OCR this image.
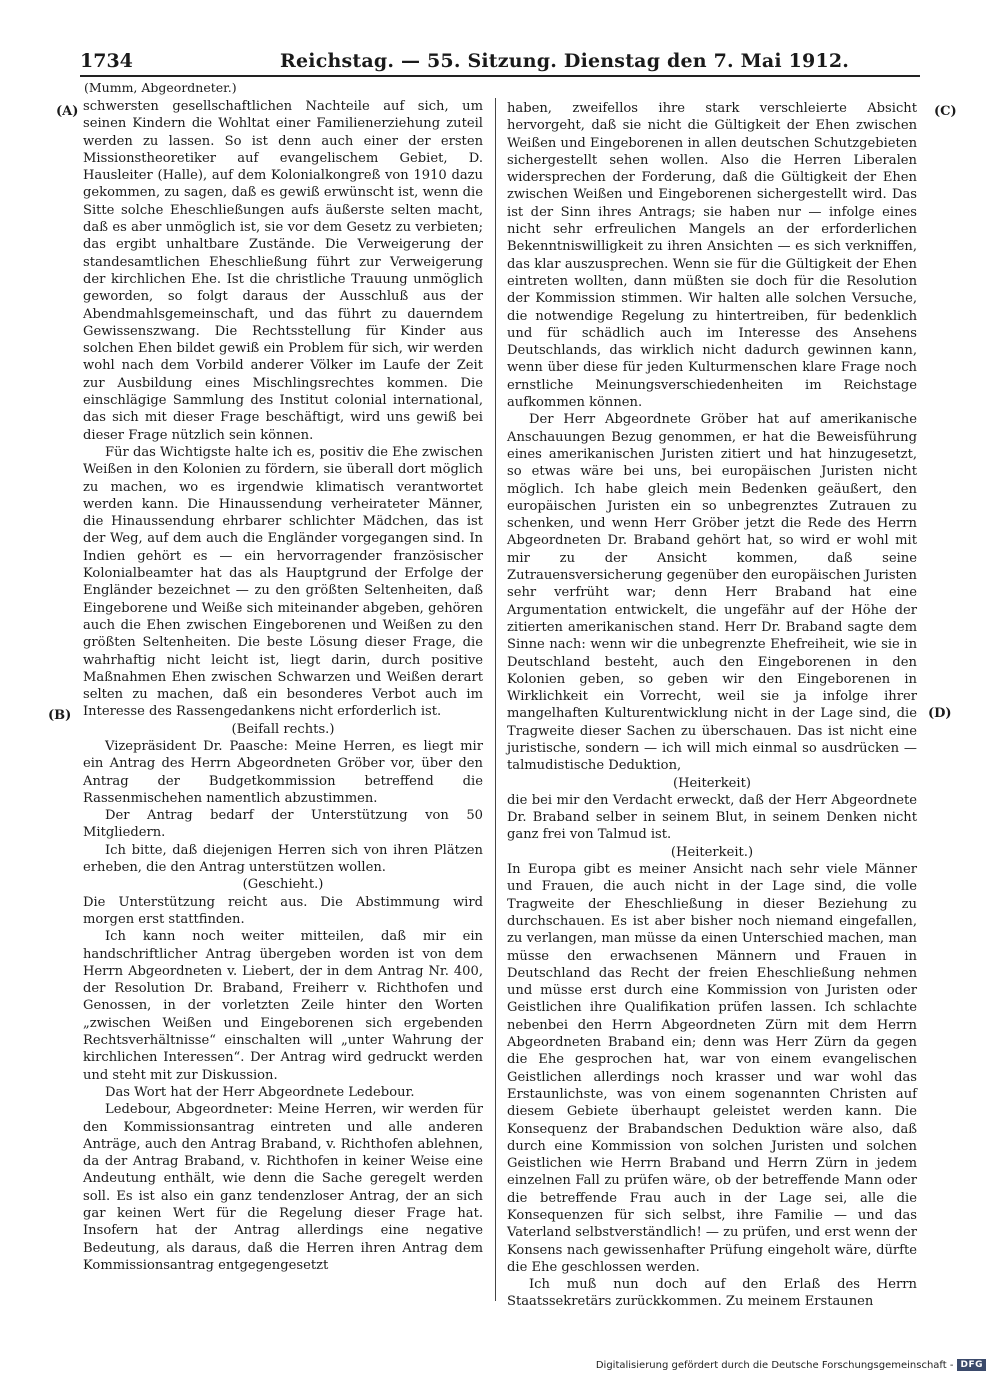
1734	Reichstag. — 55. Sitzung. Dienstag den 7. Mai 1912.
(Mumm, Abgeordneter.)
(A)
(B)
(C)
(D)

schwersten gesellschaftlichen Nachteile auf sich, um seinen Kindern die Wohltat einer Familienerziehung zuteil werden zu lassen. So ist denn auch einer der ersten Missionstheoretiker auf evangelischem Gebiet, D. Hausleiter (Halle), auf dem Kolonialkongreß von 1910 dazu gekommen, zu sagen, daß es gewiß erwünscht ist, wenn die Sitte solche Eheschließungen aufs äußerste selten macht, daß es aber unmöglich ist, sie vor dem Gesetz zu verbieten; das ergibt unhaltbare Zustände. Die Verweigerung der standesamtlichen Eheschließung führt zur Verweigerung der kirchlichen Ehe. Ist die christliche Trauung unmöglich geworden, so folgt daraus der Ausschluß aus der Abendmahlsgemeinschaft, und das führt zu dauerndem Gewissenszwang. Die Rechtsstellung für Kinder aus solchen Ehen bildet gewiß ein Problem für sich, wir werden wohl nach dem Vorbild anderer Völker im Laufe der Zeit zur Ausbildung eines Mischlingsrechtes kommen. Die einschlägige Sammlung des Institut colonial international, das sich mit dieser Frage beschäftigt, wird uns gewiß bei dieser Frage nützlich sein können.

Für das Wichtigste halte ich es, positiv die Ehe zwischen Weißen in den Kolonien zu fördern, sie überall dort möglich zu machen, wo es irgendwie klimatisch verantwortet werden kann. Die Hinaussendung verheirateter Männer, die Hinaussendung ehrbarer schlichter Mädchen, das ist der Weg, auf dem auch die Engländer vorgegangen sind. In Indien gehört es — ein hervorragender französischer Kolonialbeamter hat das als Hauptgrund der Erfolge der Engländer bezeichnet — zu den größten Seltenheiten, daß Eingeborene und Weiße sich miteinander abgeben, gehören auch die Ehen zwischen Eingeborenen und Weißen zu den größten Seltenheiten. Die beste Lösung dieser Frage, die wahrhaftig nicht leicht ist, liegt darin, durch positive Maßnahmen Ehen zwischen Schwarzen und Weißen derart selten zu machen, daß ein besonderes Verbot auch im Interesse des Rassengedankens nicht erforderlich ist.

(Beifall rechts.)

Vizepräsident Dr. Paasche: Meine Herren, es liegt mir ein Antrag des Herrn Abgeordneten Gröber vor, über den Antrag der Budgetkommission betreffend die Rassenmischehen namentlich abzustimmen.

Der Antrag bedarf der Unterstützung von 50 Mitgliedern.

Ich bitte, daß diejenigen Herren sich von ihren Plätzen erheben, die den Antrag unterstützen wollen.

(Geschieht.)

Die Unterstützung reicht aus. Die Abstimmung wird morgen erst stattfinden.

Ich kann noch weiter mitteilen, daß mir ein handschriftlicher Antrag übergeben worden ist von dem Herrn Abgeordneten v. Liebert, der in dem Antrag Nr. 400, der Resolution Dr. Braband, Freiherr v. Richthofen und Genossen, in der vorletzten Zeile hinter den Worten „zwischen Weißen und Eingeborenen sich ergebenden Rechtsverhältnisse“ einschalten will „unter Wahrung der kirchlichen Interessen“. Der Antrag wird gedruckt werden und steht mit zur Diskussion.

Das Wort hat der Herr Abgeordnete Ledebour.

Ledebour, Abgeordneter: Meine Herren, wir werden für den Kommissionsantrag eintreten und alle anderen Anträge, auch den Antrag Braband, v. Richthofen ablehnen, da der Antrag Braband, v. Richthofen in keiner Weise eine Andeutung enthält, wie denn die Sache geregelt werden soll. Es ist also ein ganz tendenzloser Antrag, der an sich gar keinen Wert für die Regelung dieser Frage hat. Insofern hat der Antrag allerdings eine negative Bedeutung, als daraus, daß die Herren ihren Antrag dem Kommissionsantrag entgegengesetzt

haben, zweifellos ihre stark verschleierte Absicht hervorgeht, daß sie nicht die Gültigkeit der Ehen zwischen Weißen und Eingeborenen in allen deutschen Schutzgebieten sichergestellt sehen wollen. Also die Herren Liberalen widersprechen der Forderung, daß die Gültigkeit der Ehen zwischen Weißen und Eingeborenen sichergestellt wird. Das ist der Sinn ihres Antrags; sie haben nur — infolge eines nicht sehr erfreulichen Mangels an der erforderlichen Bekenntniswilligkeit zu ihren Ansichten — es sich verkniffen, das klar auszusprechen. Wenn sie für die Gültigkeit der Ehen eintreten wollten, dann müßten sie doch für die Resolution der Kommission stimmen. Wir halten alle solchen Versuche, die notwendige Regelung zu hintertreiben, für bedenklich und für schädlich auch im Interesse des Ansehens Deutschlands, das wirklich nicht dadurch gewinnen kann, wenn über diese für jeden Kulturmenschen klare Frage noch ernstliche Meinungsverschiedenheiten im Reichstage aufkommen können.

Der Herr Abgeordnete Gröber hat auf amerikanische Anschauungen Bezug genommen, er hat die Beweisführung eines amerikanischen Juristen zitiert und hat hinzugesetzt, so etwas wäre bei uns, bei europäischen Juristen nicht möglich. Ich habe gleich mein Bedenken geäußert, den europäischen Juristen ein so unbegrenztes Zutrauen zu schenken, und wenn Herr Gröber jetzt die Rede des Herrn Abgeordneten Dr. Braband gehört hat, so wird er wohl mit mir zu der Ansicht kommen, daß seine Zutrauensversicherung gegenüber den europäischen Juristen sehr verfrüht war; denn Herr Braband hat eine Argumentation entwickelt, die ungefähr auf der Höhe der zitierten amerikanischen stand. Herr Dr. Braband sagte dem Sinne nach: wenn wir die unbegrenzte Ehefreiheit, wie sie in Deutschland besteht, auch den Eingeborenen in den Kolonien geben, so geben wir den Eingeborenen in Wirklichkeit ein Vorrecht, weil sie ja infolge ihrer mangelhaften Kulturentwicklung nicht in der Lage sind, die Tragweite dieser Sachen zu überschauen. Das ist nicht eine juristische, sondern — ich will mich einmal so ausdrücken — talmudistische Deduktion,

(Heiterkeit)

die bei mir den Verdacht erweckt, daß der Herr Abgeordnete Dr. Braband selber in seinem Blut, in seinem Denken nicht ganz frei von Talmud ist.

(Heiterkeit.)

In Europa gibt es meiner Ansicht nach sehr viele Männer und Frauen, die auch nicht in der Lage sind, die volle Tragweite der Eheschließung in dieser Beziehung zu durchschauen. Es ist aber bisher noch niemand eingefallen, zu verlangen, man müsse da einen Unterschied machen, man müsse den erwachsenen Männern und Frauen in Deutschland das Recht der freien Eheschließung nehmen und müsse erst durch eine Kommission von Juristen oder Geistlichen ihre Qualifikation prüfen lassen. Ich schlachte nebenbei den Herrn Abgeordneten Zürn mit dem Herrn Abgeordneten Braband ein; denn was Herr Zürn da gegen die Ehe gesprochen hat, war von einem evangelischen Geistlichen allerdings noch krasser und war wohl das Erstaunlichste, was von einem sogenannten Christen auf diesem Gebiete überhaupt geleistet werden kann. Die Konsequenz der Brabandschen Deduktion wäre also, daß durch eine Kommission von solchen Juristen und solchen Geistlichen wie Herrn Braband und Herrn Zürn in jedem einzelnen Fall zu prüfen wäre, ob der betreffende Mann oder die betreffende Frau auch in der Lage sei, alle die Konsequenzen für sich selbst, ihre Familie — und das Vaterland selbstverständlich! — zu prüfen, und erst wenn der Konsens nach gewissenhafter Prüfung eingeholt wäre, dürfte die Ehe geschlossen werden.

Ich muß nun doch auf den Erlaß des Herrn Staatssekretärs zurückkommen. Zu meinem Erstaunen

Digitalisierung gefördert durch die Deutsche Forschungsgemeinschaft - DFG
